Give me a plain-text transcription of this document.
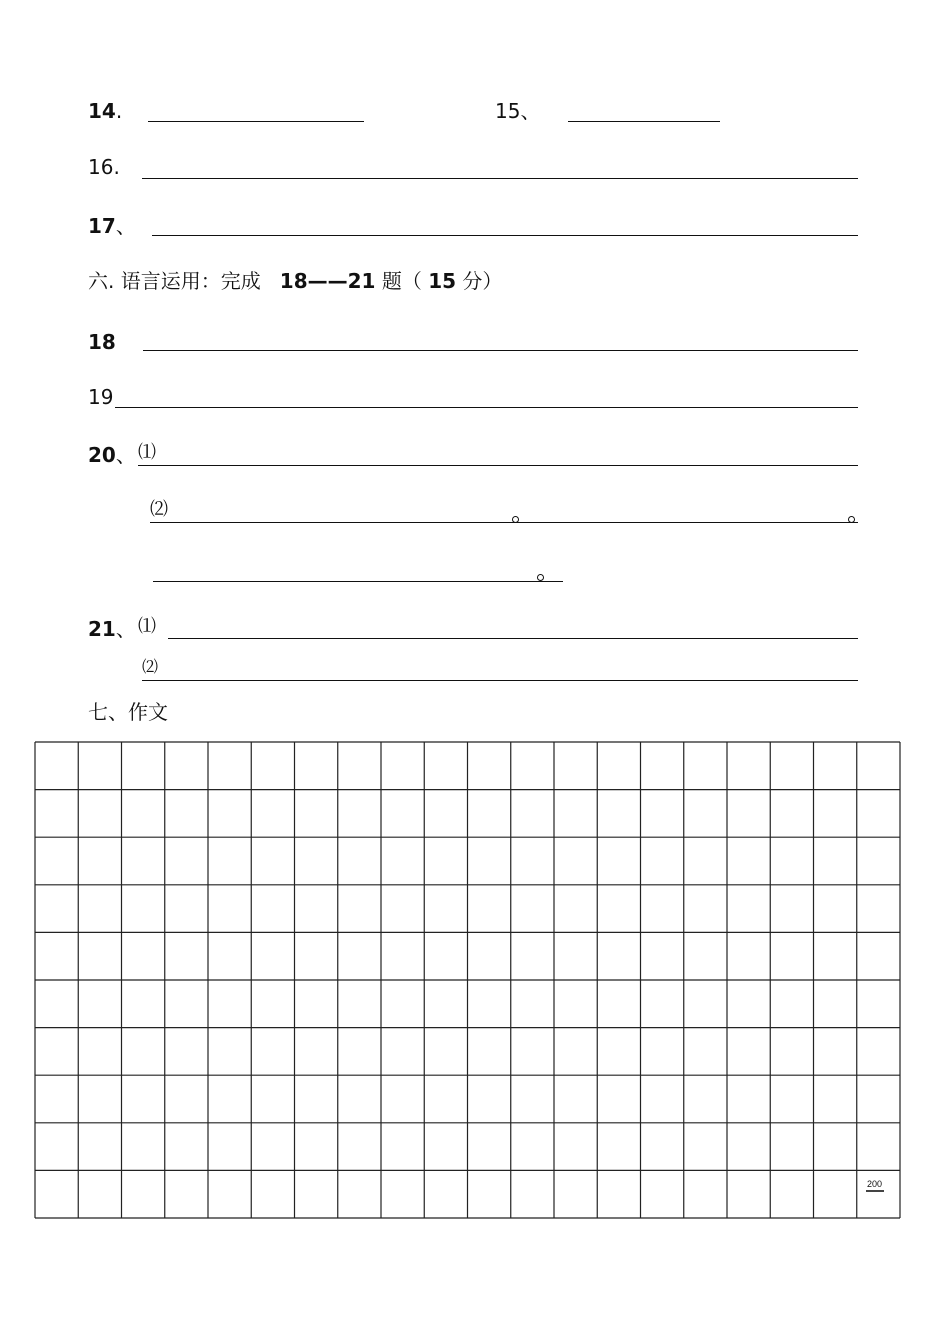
14.	15、
16.
17、
六. 语言运用：完成 18——21 题（ 15 分）
18
19
20、 ⑴
⑵
21、 ⑴
⑵
七、作文
200
